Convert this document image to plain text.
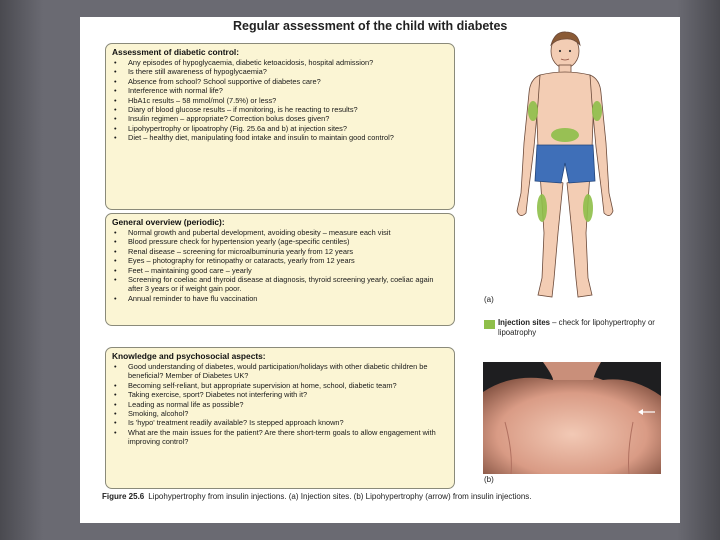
Regular assessment of the child with diabetes
Assessment of diabetic control:
• Any episodes of hypoglycaemia, diabetic ketoacidosis, hospital admission?
• Is there still awareness of hypoglycaemia?
• Absence from school? School supportive of diabetes care?
• Interference with normal life?
• HbA1c results – 58 mmol/mol (7.5%) or less?
• Diary of blood glucose results – if monitoring, is he reacting to results?
• Insulin regimen – appropriate? Correction bolus doses given?
• Lipohypertrophy or lipoatrophy (Fig. 25.6a and b) at injection sites?
• Diet – healthy diet, manipulating food intake and insulin to maintain good control?
General overview (periodic):
• Normal growth and pubertal development, avoiding obesity – measure each visit
• Blood pressure check for hypertension yearly (age-specific centiles)
• Renal disease – screening for microalbuminuria yearly from 12 years
• Eyes – photography for retinopathy or cataracts, yearly from 12 years
• Feet – maintaining good care – yearly
• Screening for coeliac and thyroid disease at diagnosis, thyroid screening yearly, coeliac again after 3 years or if weight gain poor.
• Annual reminder to have flu vaccination
Knowledge and psychosocial aspects:
• Good understanding of diabetes, would participation/holidays with other diabetic children be beneficial? Member of Diabetes UK?
• Becoming self-reliant, but appropriate supervision at home, school, diabetic team?
• Taking exercise, sport? Diabetes not interfering with it?
• Leading as normal life as possible?
• Smoking, alcohol?
• Is 'hypo' treatment readily available? Is stepped approach known?
• What are the main issues for the patient? Are there short-term goals to allow engagement with improving control?
(a)
Injection sites – check for lipohypertrophy or lipoatrophy
(b)
Figure 25.6 Lipohypertrophy from insulin injections. (a) Injection sites. (b) Lipohypertrophy (arrow) from insulin injections.
